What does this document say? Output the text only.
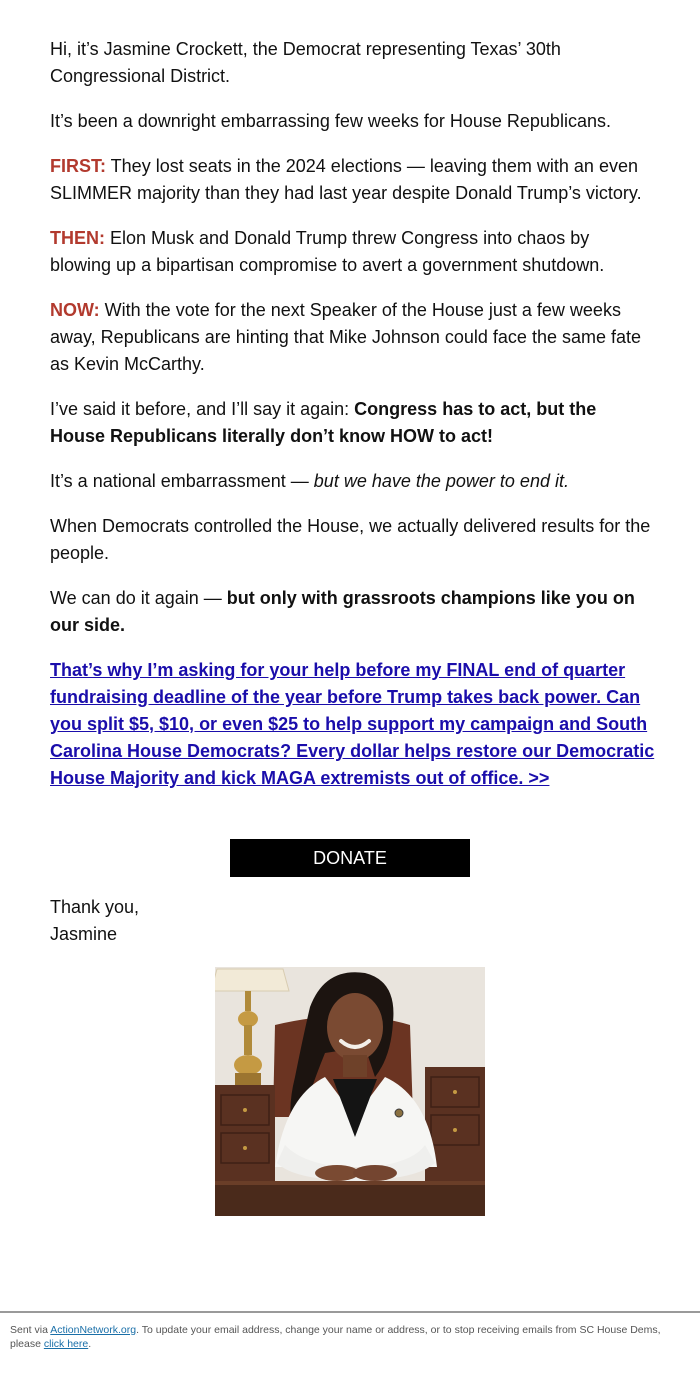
Hi, it’s Jasmine Crockett, the Democrat representing Texas’ 30th Congressional District.

It’s been a downright embarrassing few weeks for House Republicans.

FIRST: They lost seats in the 2024 elections — leaving them with an even SLIMMER majority than they had last year despite Donald Trump’s victory.

THEN: Elon Musk and Donald Trump threw Congress into chaos by blowing up a bipartisan compromise to avert a government shutdown.

NOW: With the vote for the next Speaker of the House just a few weeks away, Republicans are hinting that Mike Johnson could face the same fate as Kevin McCarthy.

I’ve said it before, and I’ll say it again: Congress has to act, but the House Republicans literally don’t know HOW to act!

It’s a national embarrassment — but we have the power to end it.

When Democrats controlled the House, we actually delivered results for the people.

We can do it again — but only with grassroots champions like you on our side.

That’s why I’m asking for your help before my FINAL end of quarter fundraising deadline of the year before Trump takes back power. Can you split $5, $10, or even $25 to help support my campaign and South Carolina House Democrats? Every dollar helps restore our Democratic House Majority and kick MAGA extremists out of office. >>

DONATE
Thank you,
Jasmine
Sent via ActionNetwork.org. To update your email address, change your name or address, or to stop receiving emails from SC House Dems, please click here.
